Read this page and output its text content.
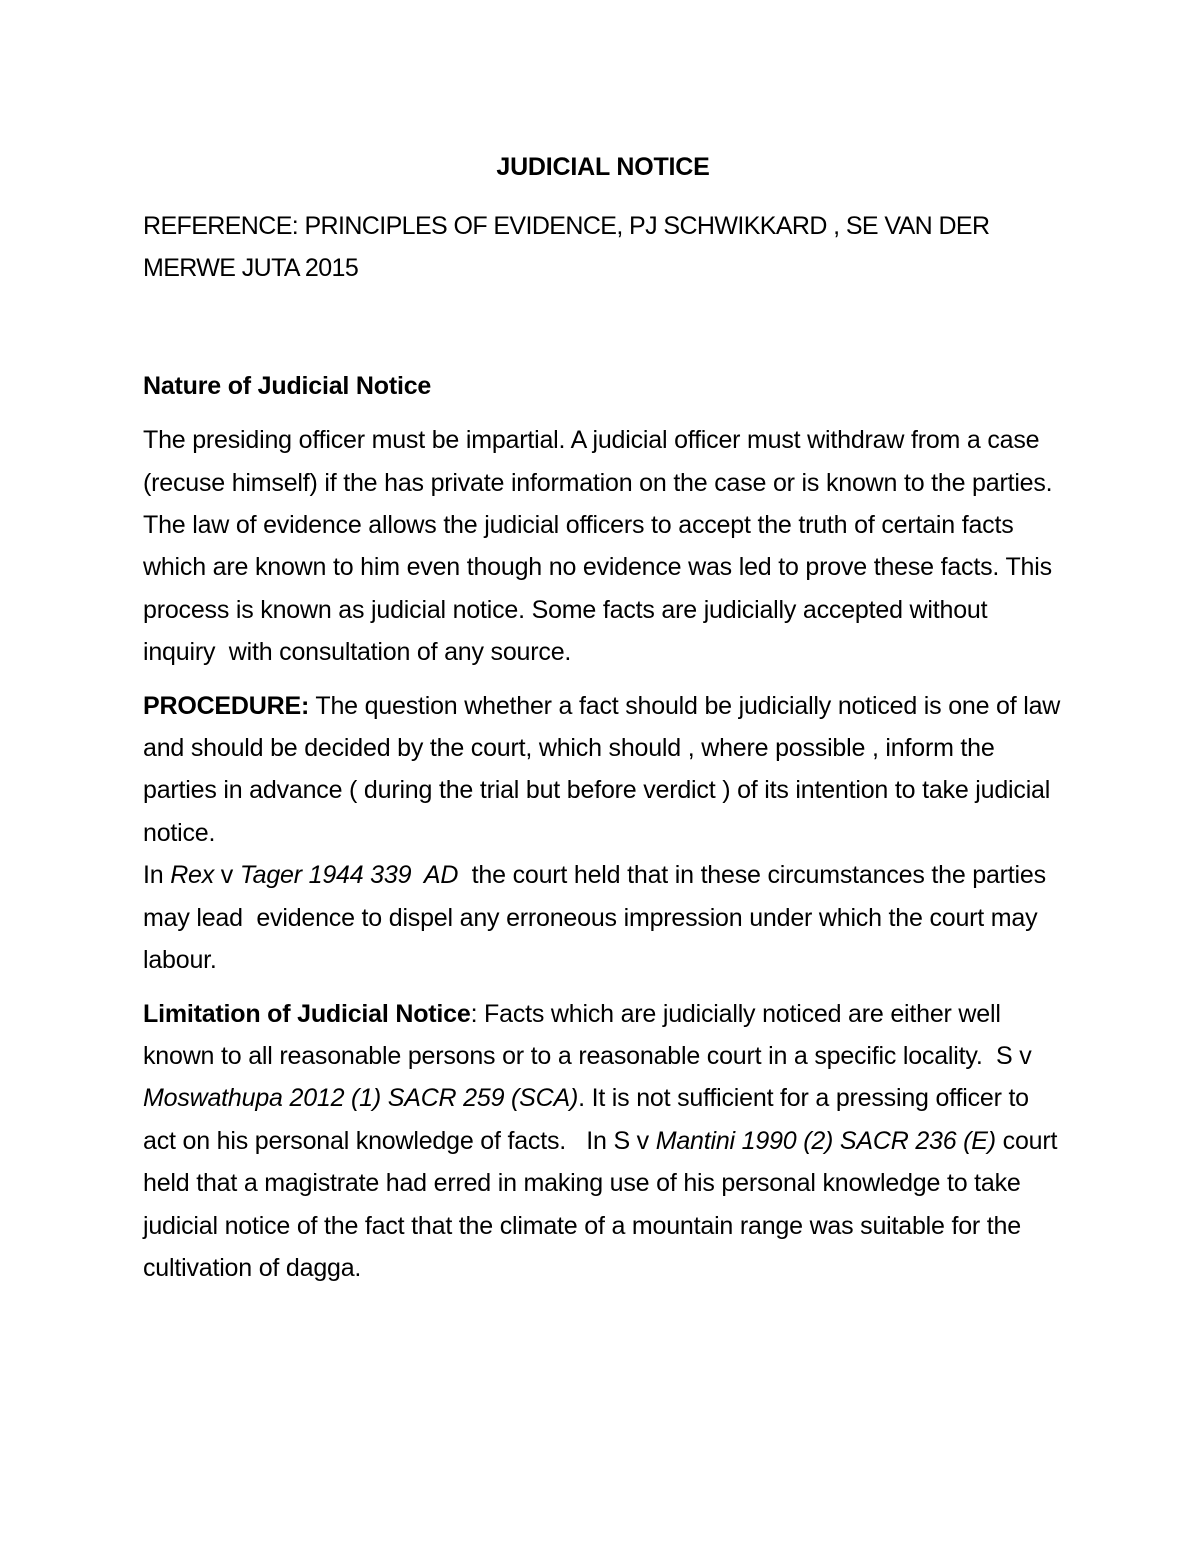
JUDICIAL NOTICE

REFERENCE: PRINCIPLES OF EVIDENCE, PJ SCHWIKKARD , SE VAN DER MERWE JUTA 2015

Nature of Judicial Notice

The presiding officer must be impartial. A judicial officer must withdraw from a case (recuse himself) if the has private information on the case or is known to the parties.  The law of evidence allows the judicial officers to accept the truth of certain facts which are known to him even though no evidence was led to prove these facts. This process is known as judicial notice. Some facts are judicially accepted without inquiry  with consultation of any source.

PROCEDURE: The question whether a fact should be judicially noticed is one of law and should be decided by the court, which should , where possible , inform the parties in advance ( during the trial but before verdict ) of its intention to take judicial notice.
In Rex v Tager 1944 339  AD  the court held that in these circumstances the parties may lead  evidence to dispel any erroneous impression under which the court may labour.

Limitation of Judicial Notice: Facts which are judicially noticed are either well known to all reasonable persons or to a reasonable court in a specific locality.  S v Moswathupa 2012 (1) SACR 259 (SCA). It is not sufficient for a pressing officer to act on his personal knowledge of facts.   In S v Mantini 1990 (2) SACR 236 (E) court held that a magistrate had erred in making use of his personal knowledge to take judicial notice of the fact that the climate of a mountain range was suitable for the cultivation of dagga.
